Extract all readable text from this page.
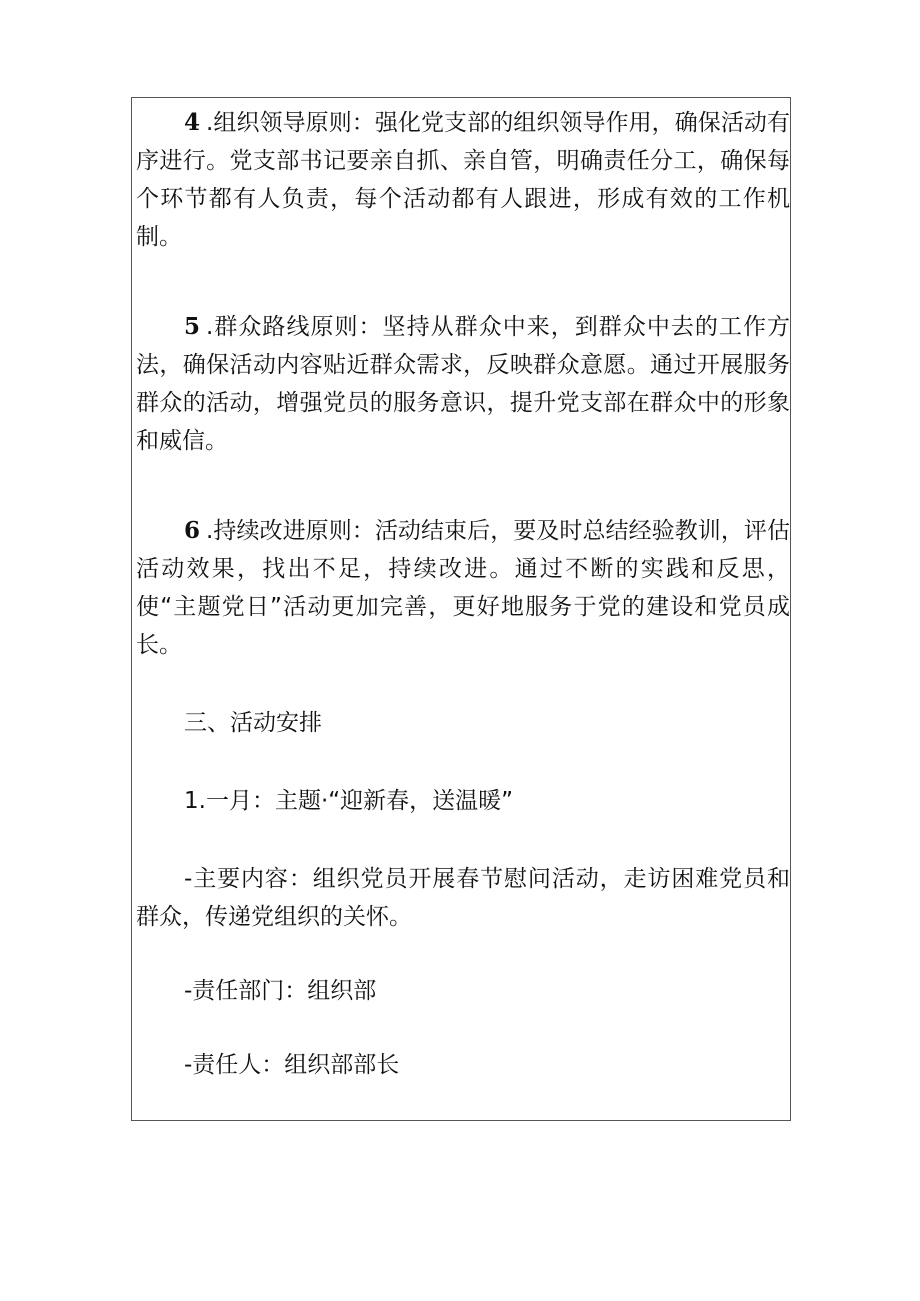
4 .组织领导原则：强化党支部的组织领导作用，确保活动有序进行。党支部书记要亲自抓、亲自管，明确责任分工，确保每个环节都有人负责，每个活动都有人跟进，形成有效的工作机制。

5 .群众路线原则：坚持从群众中来，到群众中去的工作方法，确保活动内容贴近群众需求，反映群众意愿。通过开展服务群众的活动，增强党员的服务意识，提升党支部在群众中的形象和威信。

6 .持续改进原则：活动结束后，要及时总结经验教训，评估活动效果，找出不足，持续改进。通过不断的实践和反思，使“主题党日”活动更加完善，更好地服务于党的建设和党员成长。

三、活动安排

1.一月：主题·“迎新春，送温暖”

-主要内容：组织党员开展春节慰问活动，走访困难党员和群众，传递党组织的关怀。

-责任部门：组织部

-责任人：组织部部长
